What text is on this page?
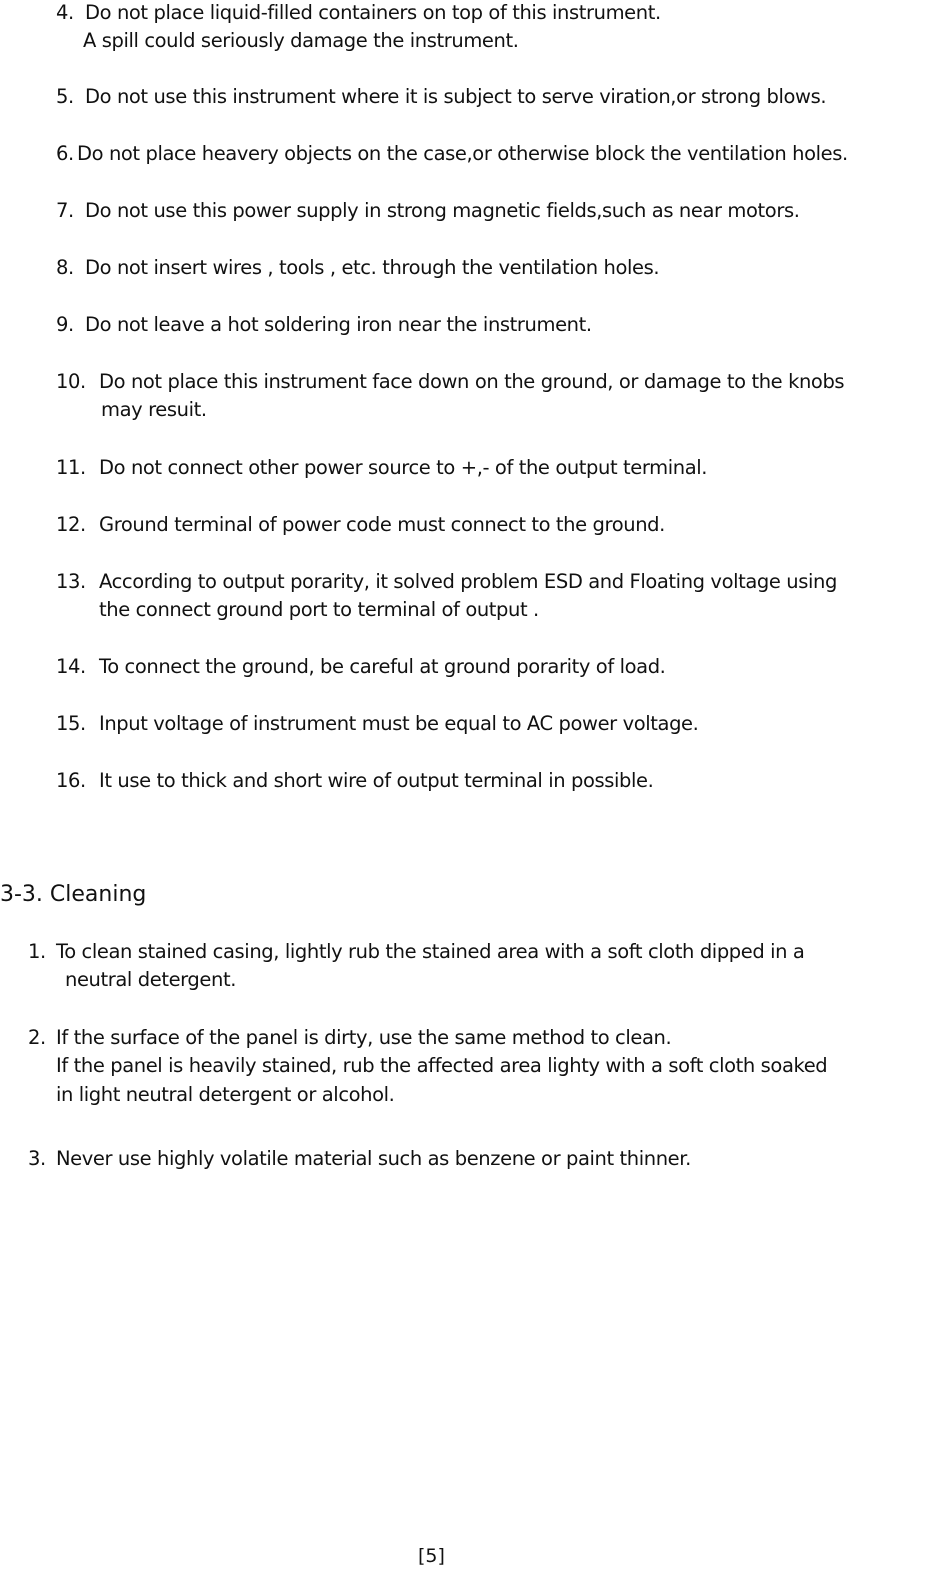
4. Do not place liquid-filled containers on top of this instrument.
A spill could seriously damage the instrument.
5. Do not use this instrument where it is subject to serve viration,or strong blows.
6. Do not place heavery objects on the case,or otherwise block the ventilation holes.
7. Do not use this power supply in strong magnetic fields,such as near motors.
8. Do not insert wires , tools , etc. through the ventilation holes.
9. Do not leave a hot soldering iron near the instrument.
10. Do not place this instrument face down on the ground, or damage to the knobs
may resuit.
11. Do not connect other power source to +,- of the output terminal.
12. Ground terminal of power code must connect to the ground.
13. According to output porarity, it solved problem ESD and Floating voltage using
the connect ground port to terminal of output .
14. To connect the ground, be careful at ground porarity of load.
15. Input voltage of instrument must be equal to AC power voltage.
16. It use to thick and short wire of output terminal in possible.
3-3. Cleaning
1. To clean stained casing, lightly rub the stained area with a soft cloth dipped in a
neutral detergent.
2. If the surface of the panel is dirty, use the same method to clean.
If the panel is heavily stained, rub the affected area lighty with a soft cloth soaked
in light neutral detergent or alcohol.
3. Never use highly volatile material such as benzene or paint thinner.
[5]
